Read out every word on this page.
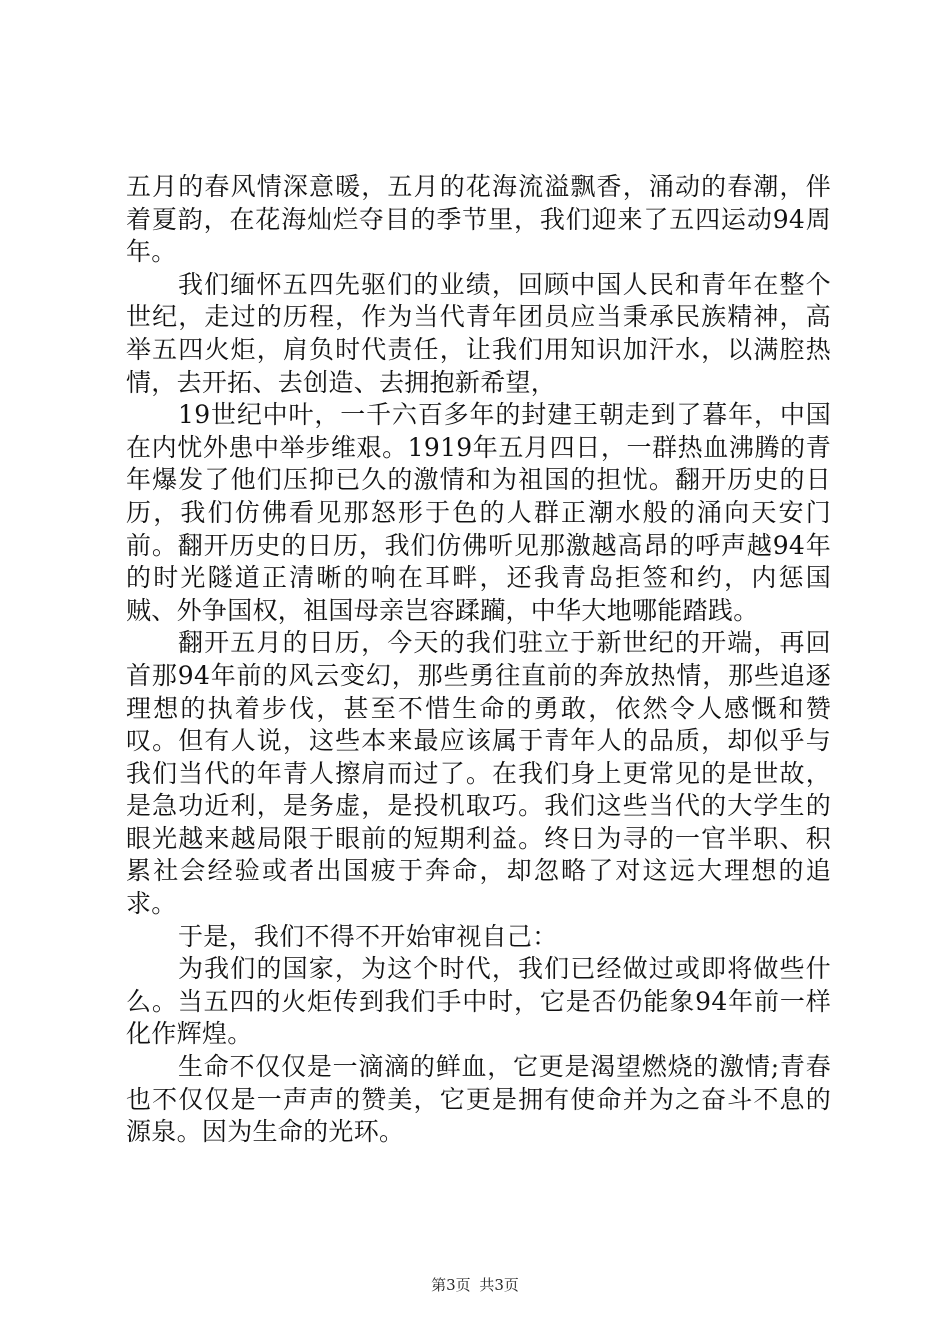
五月的春风情深意暖，五月的花海流溢飘香，涌动的春潮，伴着夏韵，在花海灿烂夺目的季节里，我们迎来了五四运动94周年。

我们缅怀五四先驱们的业绩，回顾中国人民和青年在整个世纪，走过的历程，作为当代青年团员应当秉承民族精神，高举五四火炬，肩负时代责任，让我们用知识加汗水，以满腔热情，去开拓、去创造、去拥抱新希望，

19世纪中叶，一千六百多年的封建王朝走到了暮年，中国在内忧外患中举步维艰。1919年五月四日，一群热血沸腾的青年爆发了他们压抑已久的激情和为祖国的担忧。翻开历史的日历，我们仿佛看见那怒形于色的人群正潮水般的涌向天安门前。翻开历史的日历，我们仿佛听见那激越高昂的呼声越94年的时光隧道正清晰的响在耳畔，还我青岛拒签和约，内惩国贼、外争国权，祖国母亲岂容蹂躏，中华大地哪能踏践。

翻开五月的日历，今天的我们驻立于新世纪的开端，再回首那94年前的风云变幻，那些勇往直前的奔放热情，那些追逐理想的执着步伐，甚至不惜生命的勇敢，依然令人感慨和赞叹。但有人说，这些本来最应该属于青年人的品质，却似乎与我们当代的年青人擦肩而过了。在我们身上更常见的是世故，是急功近利，是务虚，是投机取巧。我们这些当代的大学生的眼光越来越局限于眼前的短期利益。终日为寻的一官半职、积累社会经验或者出国疲于奔命，却忽略了对这远大理想的追求。

于是，我们不得不开始审视自己：

为我们的国家，为这个时代，我们已经做过或即将做些什么。当五四的火炬传到我们手中时，它是否仍能象94年前一样化作辉煌。

生命不仅仅是一滴滴的鲜血，它更是渴望燃烧的激情;青春也不仅仅是一声声的赞美，它更是拥有使命并为之奋斗不息的源泉。因为生命的光环。

第3页 共3页
